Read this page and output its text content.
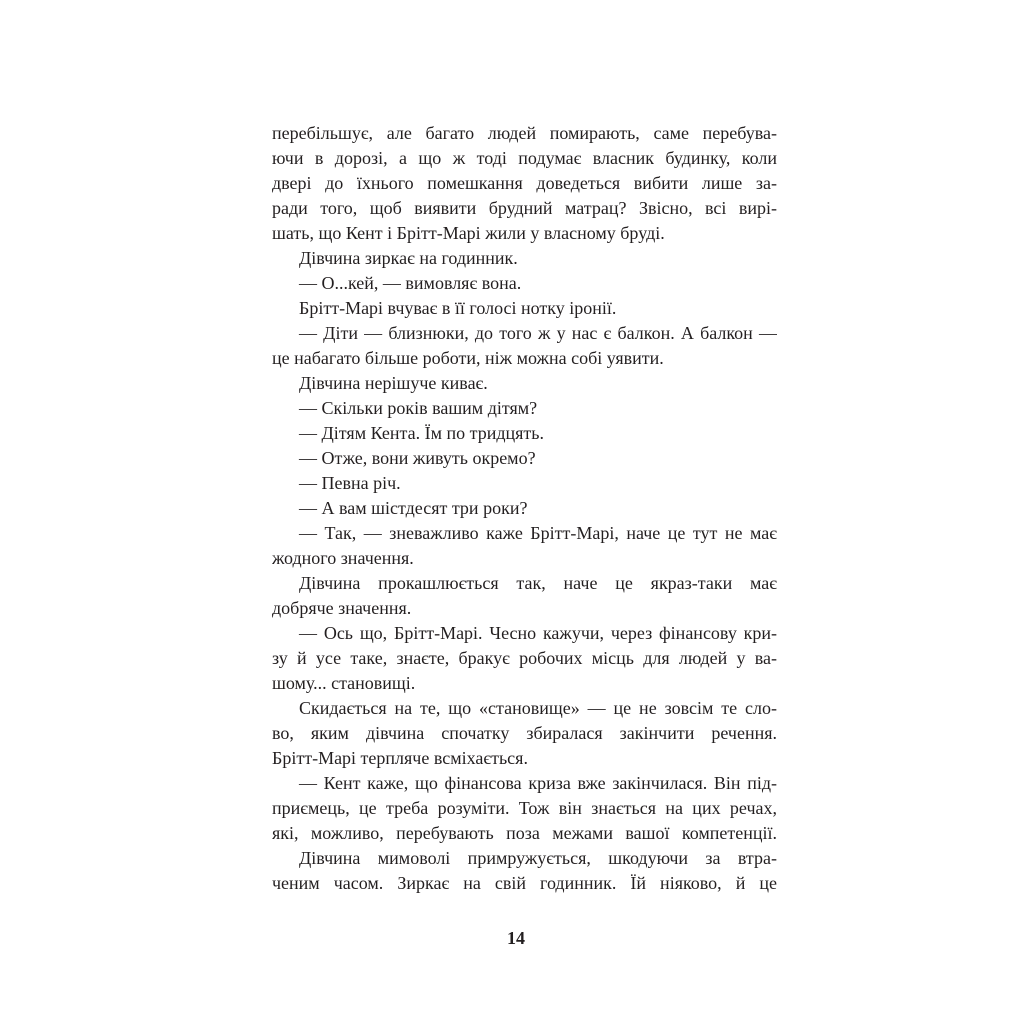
перебільшує, але багато людей помирають, саме перебува-
ючи в дорозі, а що ж тоді подумає власник будинку, коли
двері до їхнього помешкання доведеться вибити лише за-
ради того, щоб виявити брудний матрац? Звісно, всі вирі-
шать, що Кент і Брітт-Марі жили у власному бруді.
Дівчина зиркає на годинник.
— О...кей, — вимовляє вона.
Брітт-Марі вчуває в її голосі нотку іронії.
— Діти — близнюки, до того ж у нас є балкон. А балкон —
це набагато більше роботи, ніж можна собі уявити.
Дівчина нерішуче киває.
— Скільки років вашим дітям?
— Дітям Кента. Їм по тридцять.
— Отже, вони живуть окремо?
— Певна річ.
— А вам шістдесят три роки?
— Так, — зневажливо каже Брітт-Марі, наче це тут не має
жодного значення.
Дівчина прокашлюється так, наче це якраз-таки має
добряче значення.
— Ось що, Брітт-Марі. Чесно кажучи, через фінансову кри-
зу й усе таке, знаєте, бракує робочих місць для людей у ва-
шому... становищі.
Скидається на те, що «становище» — це не зовсім те сло-
во, яким дівчина спочатку збиралася закінчити речення.
Брітт-Марі терпляче всміхається.
— Кент каже, що фінансова криза вже закінчилася. Він під-
приємець, це треба розуміти. Тож він знається на цих речах,
які, можливо, перебувають поза межами вашої компетенції.
Дівчина мимоволі примружується, шкодуючи за втра-
ченим часом. Зиркає на свій годинник. Їй ніяково, й це
14
